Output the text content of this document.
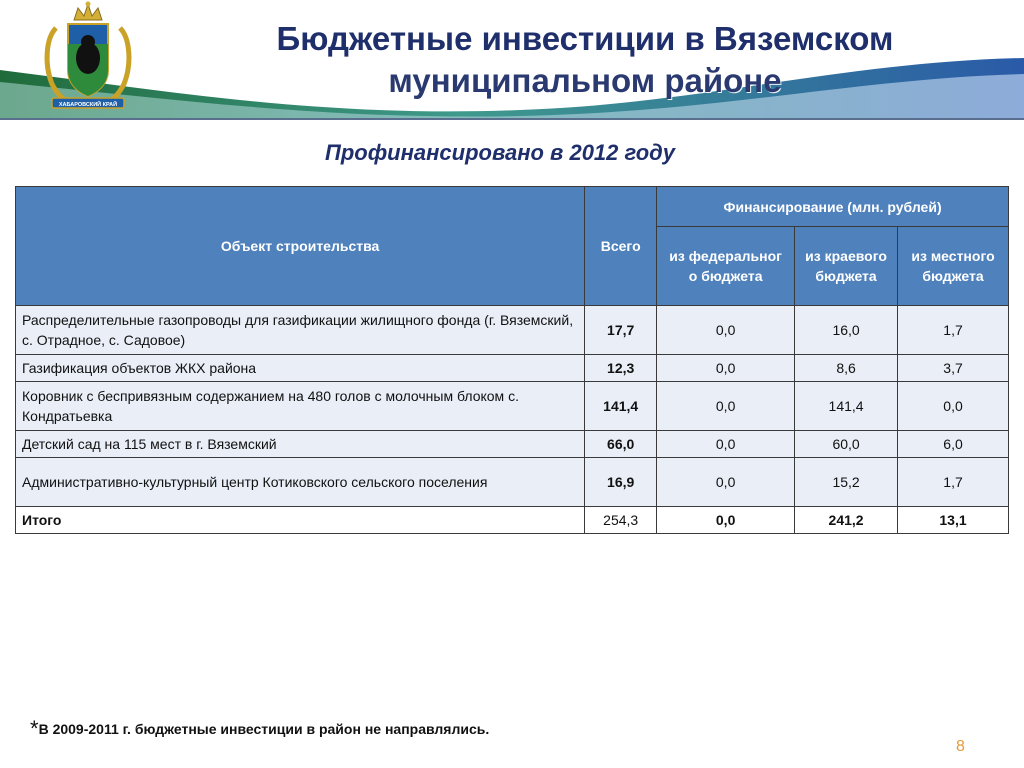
ХАБАРОВСКИЙ КРАЙ
Бюджетные инвестиции в Вяземском
муниципальном районе

Профинансировано в 2012 году

Объект строительства	Всего	Финансирование (млн. рублей)		
		из федеральног о бюджета	из краевого бюджета	из местного бюджета
Распределительные газопроводы для газификации жилищного фонда (г. Вяземский, с. Отрадное, с. Садовое)	17,7	0,0	16,0	1,7
Газификация объектов ЖКХ района	12,3	0,0	8,6	3,7
Коровник с беспривязным содержанием на 480 голов с молочным блоком с. Кондратьевка	141,4	0,0	141,4	0,0
Детский сад на 115 мест в г. Вяземский	66,0	0,0	60,0	6,0
Административно-культурный центр Котиковского сельского поселения	16,9	0,0	15,2	1,7
Итого	254,3	0,0	241,2	13,1
*В 2009-2011 г. бюджетные инвестиции в район не направлялись.
8
